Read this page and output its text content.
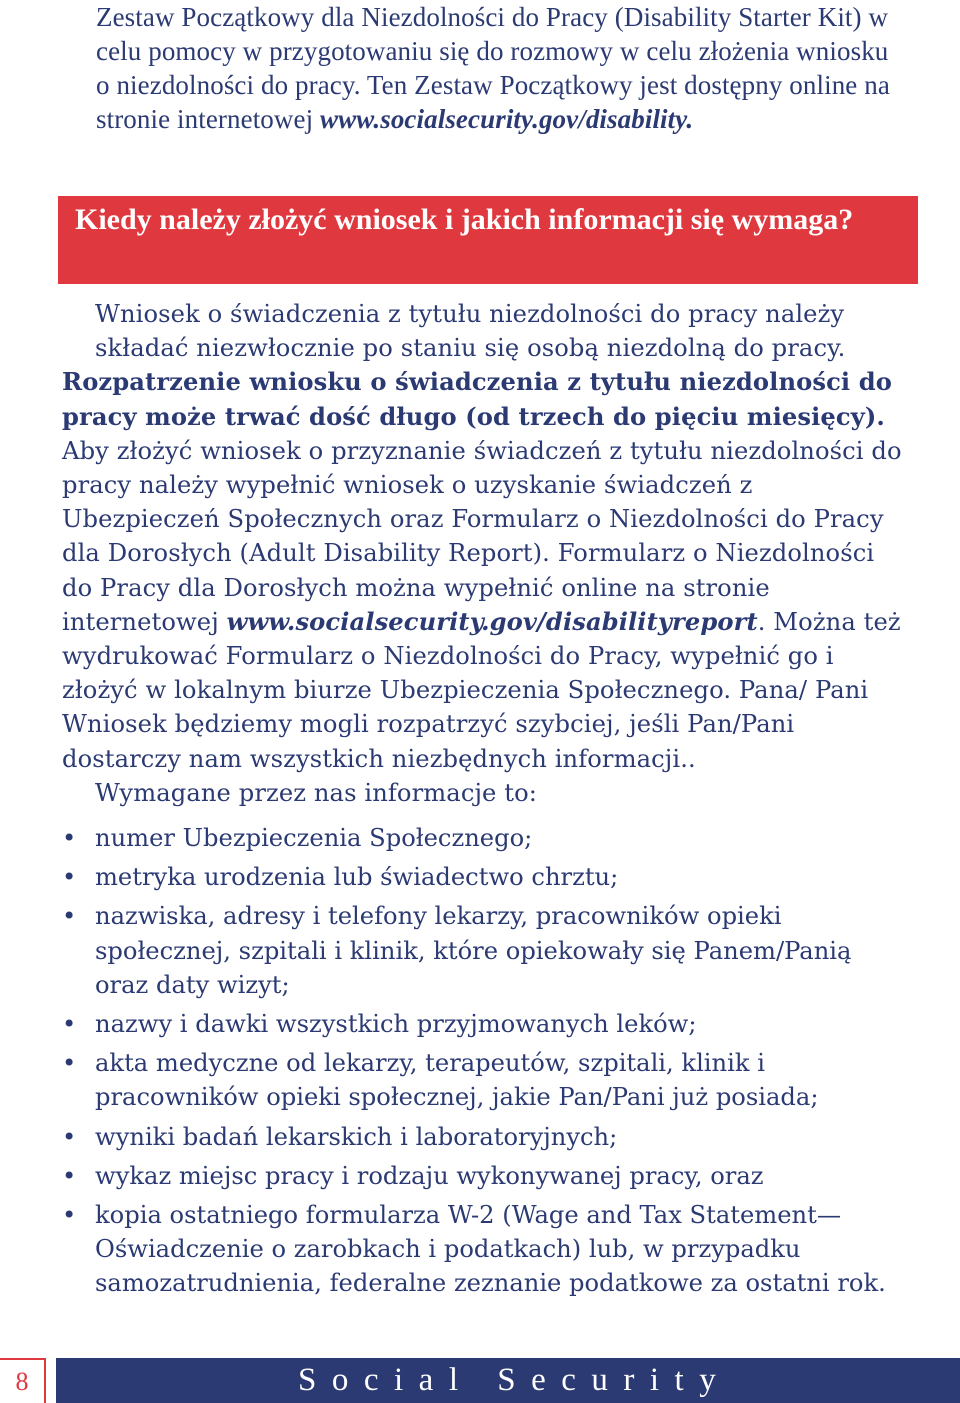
Zestaw Początkowy dla Niezdolności do Pracy (Disability Starter Kit) w celu pomocy w przygotowaniu się do rozmowy w celu złożenia wniosku o niezdolności do pracy. Ten Zestaw Początkowy jest dostępny online na stronie internetowej www.socialsecurity.gov/disability.

Kiedy należy złożyć wniosek i jakich informacji się wymaga?
Wniosek o świadczenia z tytułu niezdolności do pracy należy składać niezwłocznie po staniu się osobą niezdolną do pracy.
Rozpatrzenie wniosku o świadczenia z tytułu niezdolności do pracy może trwać dość długo (od trzech do pięciu miesięcy).
Aby złożyć wniosek o przyznanie świadczeń z tytułu niezdolności do pracy należy wypełnić wniosek o uzyskanie świadczeń z Ubezpieczeń Społecznych oraz Formularz o Niezdolności do Pracy dla Dorosłych (Adult Disability Report). Formularz o Niezdolności do Pracy dla Dorosłych można wypełnić online na stronie internetowej www.socialsecurity.gov/disabilityreport. Można też wydrukować Formularz o Niezdolności do Pracy, wypełnić go i złożyć w lokalnym biurze Ubezpieczenia Społecznego. Pana/ Pani Wniosek będziemy mogli rozpatrzyć szybciej, jeśli Pan/Pani dostarczy nam wszystkich niezbędnych informacji..
Wymagane przez nas informacje to:
• numer Ubezpieczenia Społecznego;
• metryka urodzenia lub świadectwo chrztu;
• nazwiska, adresy i telefony lekarzy, pracowników opieki społecznej, szpitali i klinik, które opiekowały się Panem/Panią oraz daty wizyt;
• nazwy i dawki wszystkich przyjmowanych leków;
• akta medyczne od lekarzy, terapeutów, szpitali, klinik i pracowników opieki społecznej, jakie Pan/Pani już posiada;
• wyniki badań lekarskich i laboratoryjnych;
• wykaz miejsc pracy i rodzaju wykonywanej pracy, oraz
• kopia ostatniego formularza W-2 (Wage and Tax Statement— Oświadczenie o zarobkach i podatkach) lub, w przypadku samozatrudnienia, federalne zeznanie podatkowe za ostatni rok.
8	Social Security
